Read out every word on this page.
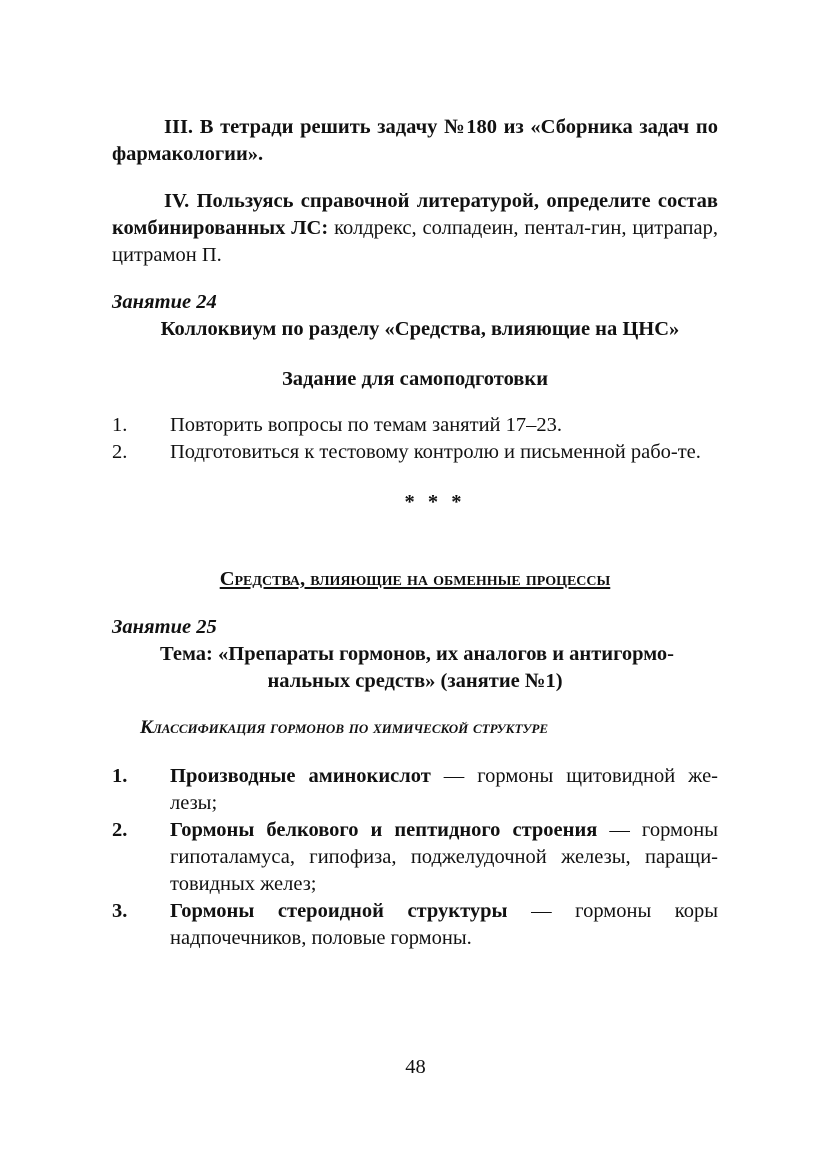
III. В тетради решить задачу №180 из «Сборника задач по фармакологии».
IV. Пользуясь справочной литературой, определите состав комбинированных ЛС: колдрекс, солпадеин, пентал-гин, цитрапар, цитрамон П.
Занятие 24
Коллоквиум по разделу «Средства, влияющие на ЦНС»
Задание для самоподготовки
1.	Повторить вопросы по темам занятий 17–23.
2.	Подготовиться к тестовому контролю и письменной рабо-те.
* * *
Средства, влияющие на обменные процессы
Занятие 25
Тема: «Препараты гормонов, их аналогов и антигормо-
нальных средств» (занятие №1)
Классификация гормонов по химической структуре
1.	Производные аминокислот — гормоны щитовидной же-лезы;
2.	Гормоны белкового и пептидного строения — гормоны гипоталамуса, гипофиза, поджелудочной железы, паращи-товидных желез;
3.	Гормоны стероидной структуры — гормоны коры надпочечников, половые гормоны.
48
